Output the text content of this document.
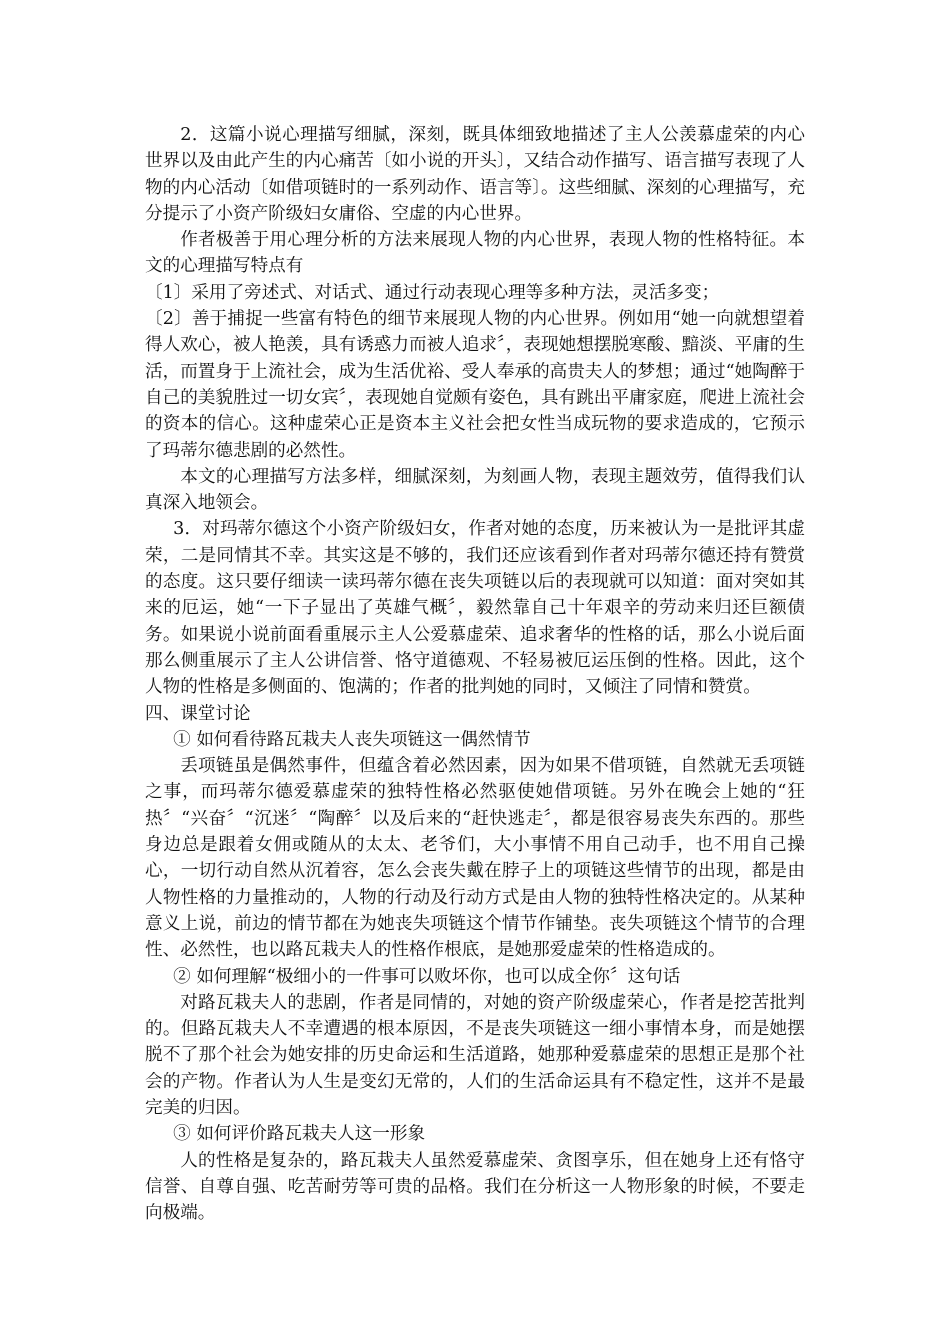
2．这篇小说心理描写细腻，深刻，既具体细致地描述了主人公羡慕虚荣的内心世界以及由此产生的内心痛苦〔如小说的开头〕，又结合动作描写、语言描写表现了人物的内心活动〔如借项链时的一系列动作、语言等〕。这些细腻、深刻的心理描写，充分提示了小资产阶级妇女庸俗、空虚的内心世界。

作者极善于用心理分析的方法来展现人物的内心世界，表现人物的性格特征。本文的心理描写特点有

〔1〕采用了旁述式、对话式、通过行动表现心理等多种方法，灵活多变；

〔2〕善于捕捉一些富有特色的细节来展现人物的内心世界。例如用“她一向就想望着得人欢心，被人艳羡，具有诱惑力而被人追求〞，表现她想摆脱寒酸、黯淡、平庸的生活，而置身于上流社会，成为生活优裕、受人奉承的高贵夫人的梦想；通过“她陶醉于自己的美貌胜过一切女宾〞，表现她自觉颇有姿色，具有跳出平庸家庭，爬进上流社会的资本的信心。这种虚荣心正是资本主义社会把女性当成玩物的要求造成的，它预示了玛蒂尔德悲剧的必然性。

本文的心理描写方法多样，细腻深刻，为刻画人物，表现主题效劳，值得我们认真深入地领会。

3．对玛蒂尔德这个小资产阶级妇女，作者对她的态度，历来被认为一是批评其虚荣，二是同情其不幸。其实这是不够的，我们还应该看到作者对玛蒂尔德还持有赞赏的态度。这只要仔细读一读玛蒂尔德在丧失项链以后的表现就可以知道：面对突如其来的厄运，她“一下子显出了英雄气概〞，毅然靠自己十年艰辛的劳动来归还巨额债务。如果说小说前面看重展示主人公爱慕虚荣、追求奢华的性格的话，那么小说后面那么侧重展示了主人公讲信誉、恪守道德观、不轻易被厄运压倒的性格。因此，这个人物的性格是多侧面的、饱满的；作者的批判她的同时，又倾注了同情和赞赏。

四、课堂讨论

① 如何看待路瓦栽夫人丧失项链这一偶然情节

丢项链虽是偶然事件，但蕴含着必然因素，因为如果不借项链，自然就无丢项链之事，而玛蒂尔德爱慕虚荣的独特性格必然驱使她借项链。另外在晚会上她的“狂热〞“兴奋〞“沉迷〞“陶醉〞以及后来的“赶快逃走〞，都是很容易丧失东西的。那些身边总是跟着女佣或随从的太太、老爷们，大小事情不用自己动手，也不用自己操心，一切行动自然从沉着容，怎么会丧失戴在脖子上的项链这些情节的出现，都是由人物性格的力量推动的，人物的行动及行动方式是由人物的独特性格决定的。从某种意义上说，前边的情节都在为她丧失项链这个情节作铺垫。丧失项链这个情节的合理性、必然性，也以路瓦栽夫人的性格作根底，是她那爱虚荣的性格造成的。

② 如何理解“极细小的一件事可以败坏你，也可以成全你〞这句话

对路瓦栽夫人的悲剧，作者是同情的，对她的资产阶级虚荣心，作者是挖苦批判的。但路瓦栽夫人不幸遭遇的根本原因，不是丧失项链这一细小事情本身，而是她摆脱不了那个社会为她安排的历史命运和生活道路，她那种爱慕虚荣的思想正是那个社会的产物。作者认为人生是变幻无常的，人们的生活命运具有不稳定性，这并不是最完美的归因。

③ 如何评价路瓦栽夫人这一形象

人的性格是复杂的，路瓦栽夫人虽然爱慕虚荣、贪图享乐，但在她身上还有恪守信誉、自尊自强、吃苦耐劳等可贵的品格。我们在分析这一人物形象的时候，不要走向极端。
